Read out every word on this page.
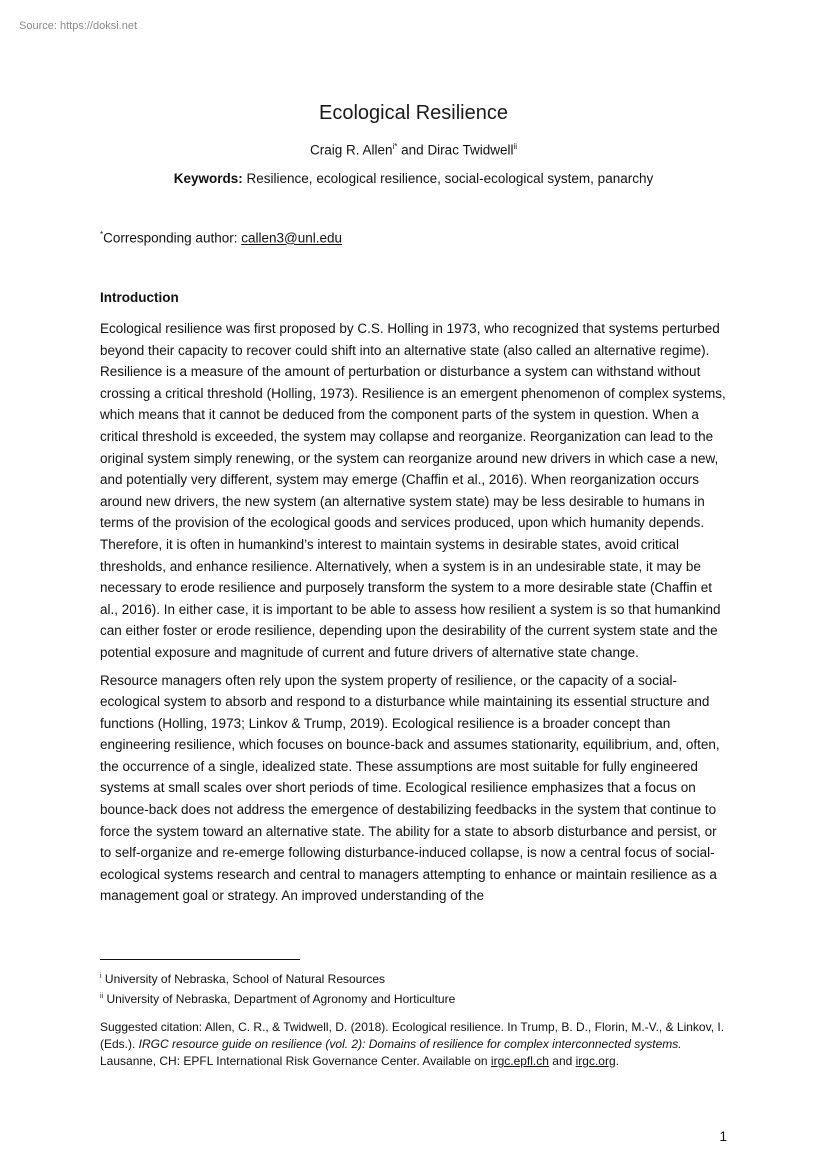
Source: https://doksi.net
Ecological Resilience
Craig R. Allen$^{i*}$ and Dirac Twidwell$^{ii}$
Keywords: Resilience, ecological resilience, social-ecological system, panarchy
*Corresponding author: callen3@unl.edu
Introduction

Ecological resilience was first proposed by C.S. Holling in 1973, who recognized that systems perturbed beyond their capacity to recover could shift into an alternative state (also called an alternative regime). Resilience is a measure of the amount of perturbation or disturbance a system can withstand without crossing a critical threshold (Holling, 1973). Resilience is an emergent phenomenon of complex systems, which means that it cannot be deduced from the component parts of the system in question. When a critical threshold is exceeded, the system may collapse and reorganize. Reorganization can lead to the original system simply renewing, or the system can reorganize around new drivers in which case a new, and potentially very different, system may emerge (Chaffin et al., 2016). When reorganization occurs around new drivers, the new system (an alternative system state) may be less desirable to humans in terms of the provision of the ecological goods and services produced, upon which humanity depends. Therefore, it is often in humankind’s interest to maintain systems in desirable states, avoid critical thresholds, and enhance resilience. Alternatively, when a system is in an undesirable state, it may be necessary to erode resilience and purposely transform the system to a more desirable state (Chaffin et al., 2016). In either case, it is important to be able to assess how resilient a system is so that humankind can either foster or erode resilience, depending upon the desirability of the current system state and the potential exposure and magnitude of current and future drivers of alternative state change.

Resource managers often rely upon the system property of resilience, or the capacity of a social-ecological system to absorb and respond to a disturbance while maintaining its essential structure and functions (Holling, 1973; Linkov & Trump, 2019). Ecological resilience is a broader concept than engineering resilience, which focuses on bounce-back and assumes stationarity, equilibrium, and, often, the occurrence of a single, idealized state. These assumptions are most suitable for fully engineered systems at small scales over short periods of time. Ecological resilience emphasizes that a focus on bounce-back does not address the emergence of destabilizing feedbacks in the system that continue to force the system toward an alternative state. The ability for a state to absorb disturbance and persist, or to self-organize and re-emerge following disturbance-induced collapse, is now a central focus of social-ecological systems research and central to managers attempting to enhance or maintain resilience as a management goal or strategy. An improved understanding of the

$^i$ University of Nebraska, School of Natural Resources
$^{ii}$ University of Nebraska, Department of Agronomy and Horticulture
Suggested citation: Allen, C. R., & Twidwell, D. (2018). Ecological resilience. In Trump, B. D., Florin, M.-V., & Linkov, I. (Eds.). IRGC resource guide on resilience (vol. 2): Domains of resilience for complex interconnected systems. Lausanne, CH: EPFL International Risk Governance Center. Available on irgc.epfl.ch and irgc.org.
1
